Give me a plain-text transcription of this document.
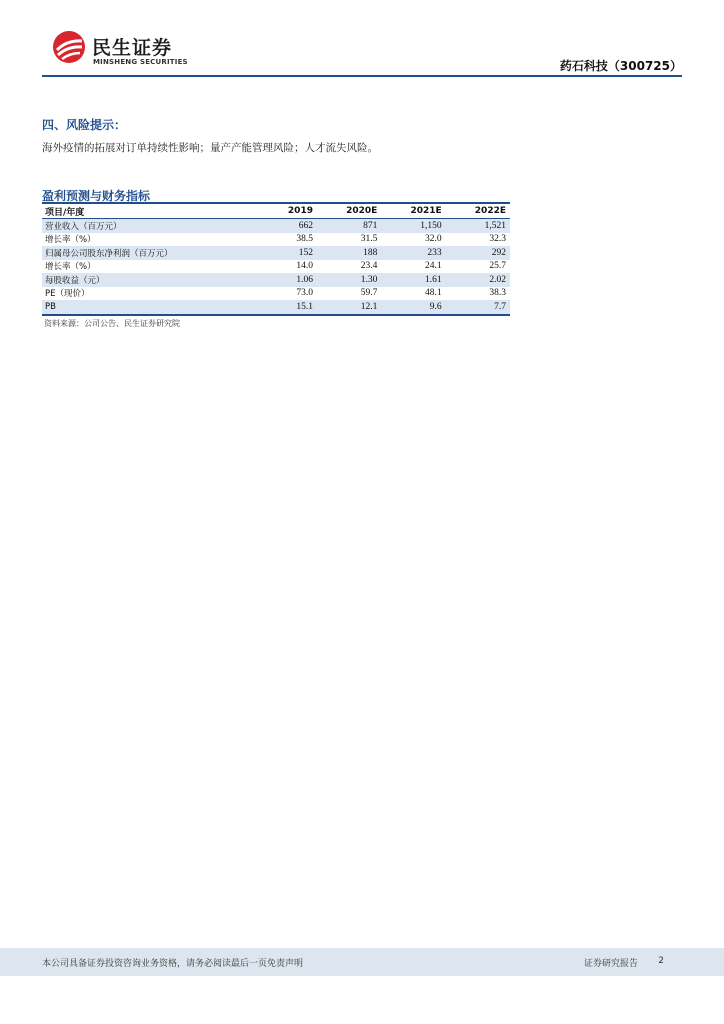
民生证券
MINSHENG SECURITIES	药石科技（300725）
四、风险提示：
海外疫情的拓展对订单持续性影响；量产产能管理风险；人才流失风险。
盈利预测与财务指标
项目/年度	2019	2020E	2021E	2022E
营业收入（百万元）	662	871	1,150	1,521
增长率（%）	38.5	31.5	32.0	32.3
归属母公司股东净利润（百万元）	152	188	233	292
增长率（%）	14.0	23.4	24.1	25.7
每股收益（元）	1.06	1.30	1.61	2.02
PE（现价）	73.0	59.7	48.1	38.3
PB	15.1	12.1	9.6	7.7
资料来源：公司公告、民生证券研究院
本公司具备证券投资咨询业务资格，请务必阅读最后一页免责声明	证券研究报告 2
